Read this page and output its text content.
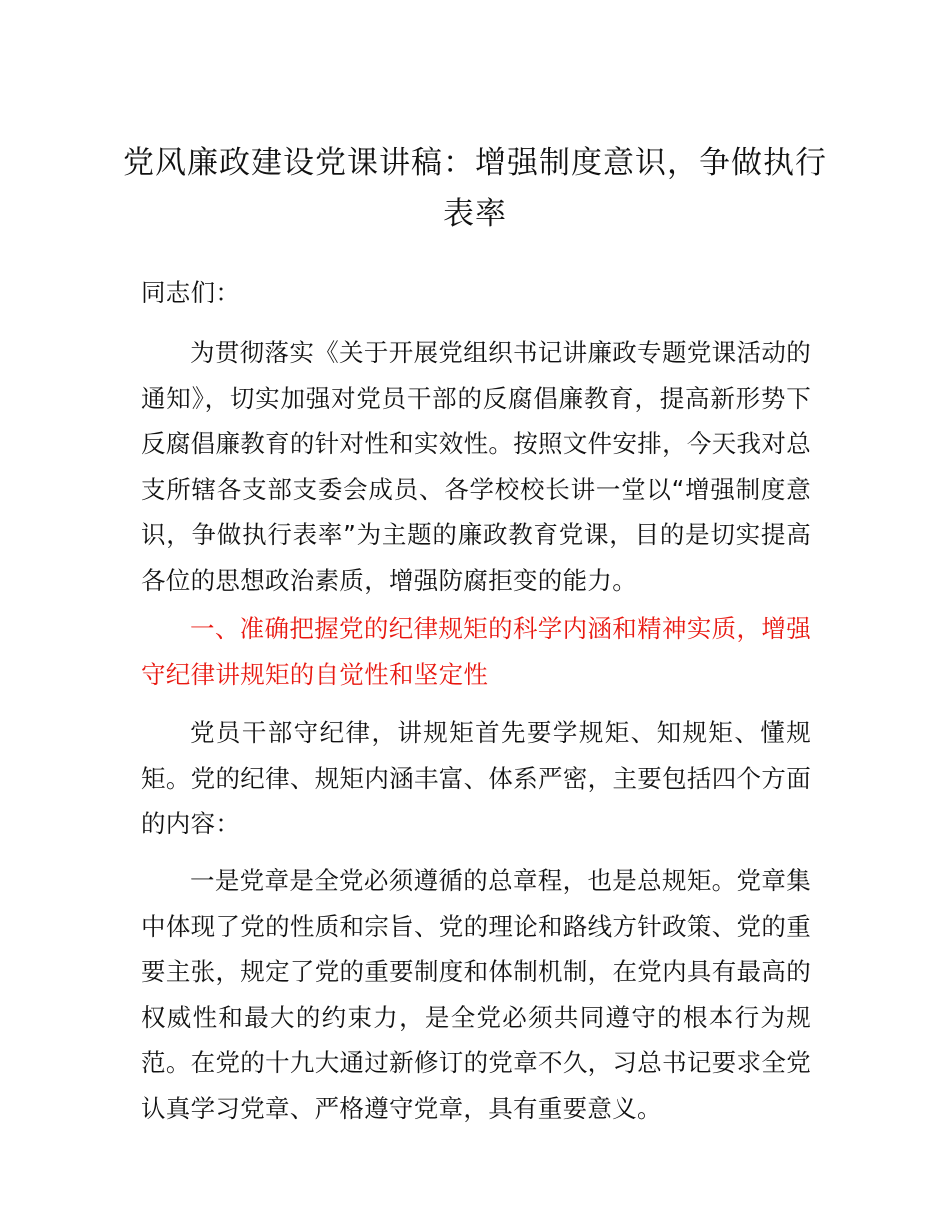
党风廉政建设党课讲稿：增强制度意识，争做执行表率

同志们：

为贯彻落实《关于开展党组织书记讲廉政专题党课活动的通知》，切实加强对党员干部的反腐倡廉教育，提高新形势下反腐倡廉教育的针对性和实效性。按照文件安排，今天我对总支所辖各支部支委会成员、各学校校长讲一堂以“增强制度意识，争做执行表率”为主题的廉政教育党课，目的是切实提高各位的思想政治素质，增强防腐拒变的能力。

一、准确把握党的纪律规矩的科学内涵和精神实质，增强守纪律讲规矩的自觉性和坚定性

党员干部守纪律，讲规矩首先要学规矩、知规矩、懂规矩。党的纪律、规矩内涵丰富、体系严密，主要包括四个方面的内容：

一是党章是全党必须遵循的总章程，也是总规矩。党章集中体现了党的性质和宗旨、党的理论和路线方针政策、党的重要主张，规定了党的重要制度和体制机制，在党内具有最高的权威性和最大的约束力，是全党必须共同遵守的根本行为规范。在党的十九大通过新修订的党章不久，习总书记要求全党认真学习党章、严格遵守党章，具有重要意义。
